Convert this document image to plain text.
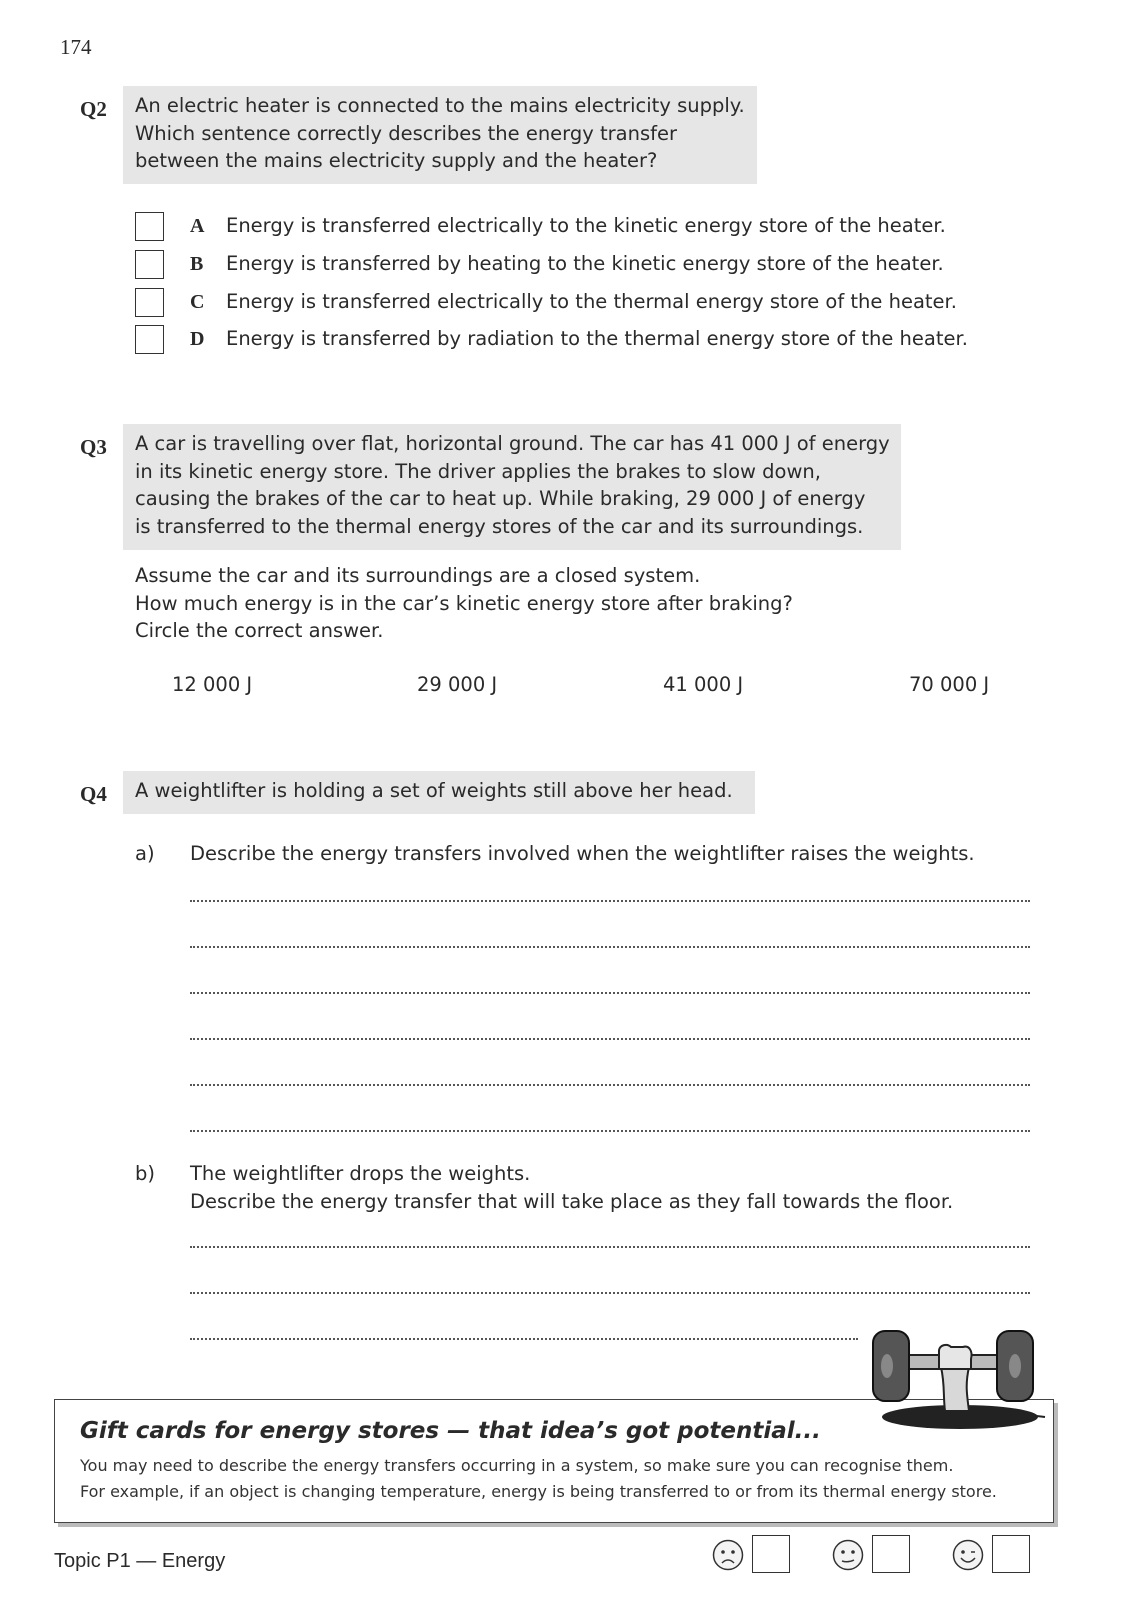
174
Q2 An electric heater is connected to the mains electricity supply.
Which sentence correctly describes the energy transfer
between the mains electricity supply and the heater?
A Energy is transferred electrically to the kinetic energy store of the heater.
B Energy is transferred by heating to the kinetic energy store of the heater.
C Energy is transferred electrically to the thermal energy store of the heater.
D Energy is transferred by radiation to the thermal energy store of the heater.
Q3 A car is travelling over flat, horizontal ground. The car has 41 000 J of energy
in its kinetic energy store. The driver applies the brakes to slow down,
causing the brakes of the car to heat up. While braking, 29 000 J of energy
is transferred to the thermal energy stores of the car and its surroundings.
Assume the car and its surroundings are a closed system.
How much energy is in the car’s kinetic energy store after braking?
Circle the correct answer.
12 000 J	29 000 J	41 000 J	70 000 J
Q4 A weightlifter is holding a set of weights still above her head.
a) Describe the energy transfers involved when the weightlifter raises the weights.
b) The weightlifter drops the weights.
Describe the energy transfer that will take place as they fall towards the floor.
Gift cards for energy stores — that idea’s got potential...
You may need to describe the energy transfers occurring in a system, so make sure you can recognise them.
For example, if an object is changing temperature, energy is being transferred to or from its thermal energy store.
Topic P1 — Energy
